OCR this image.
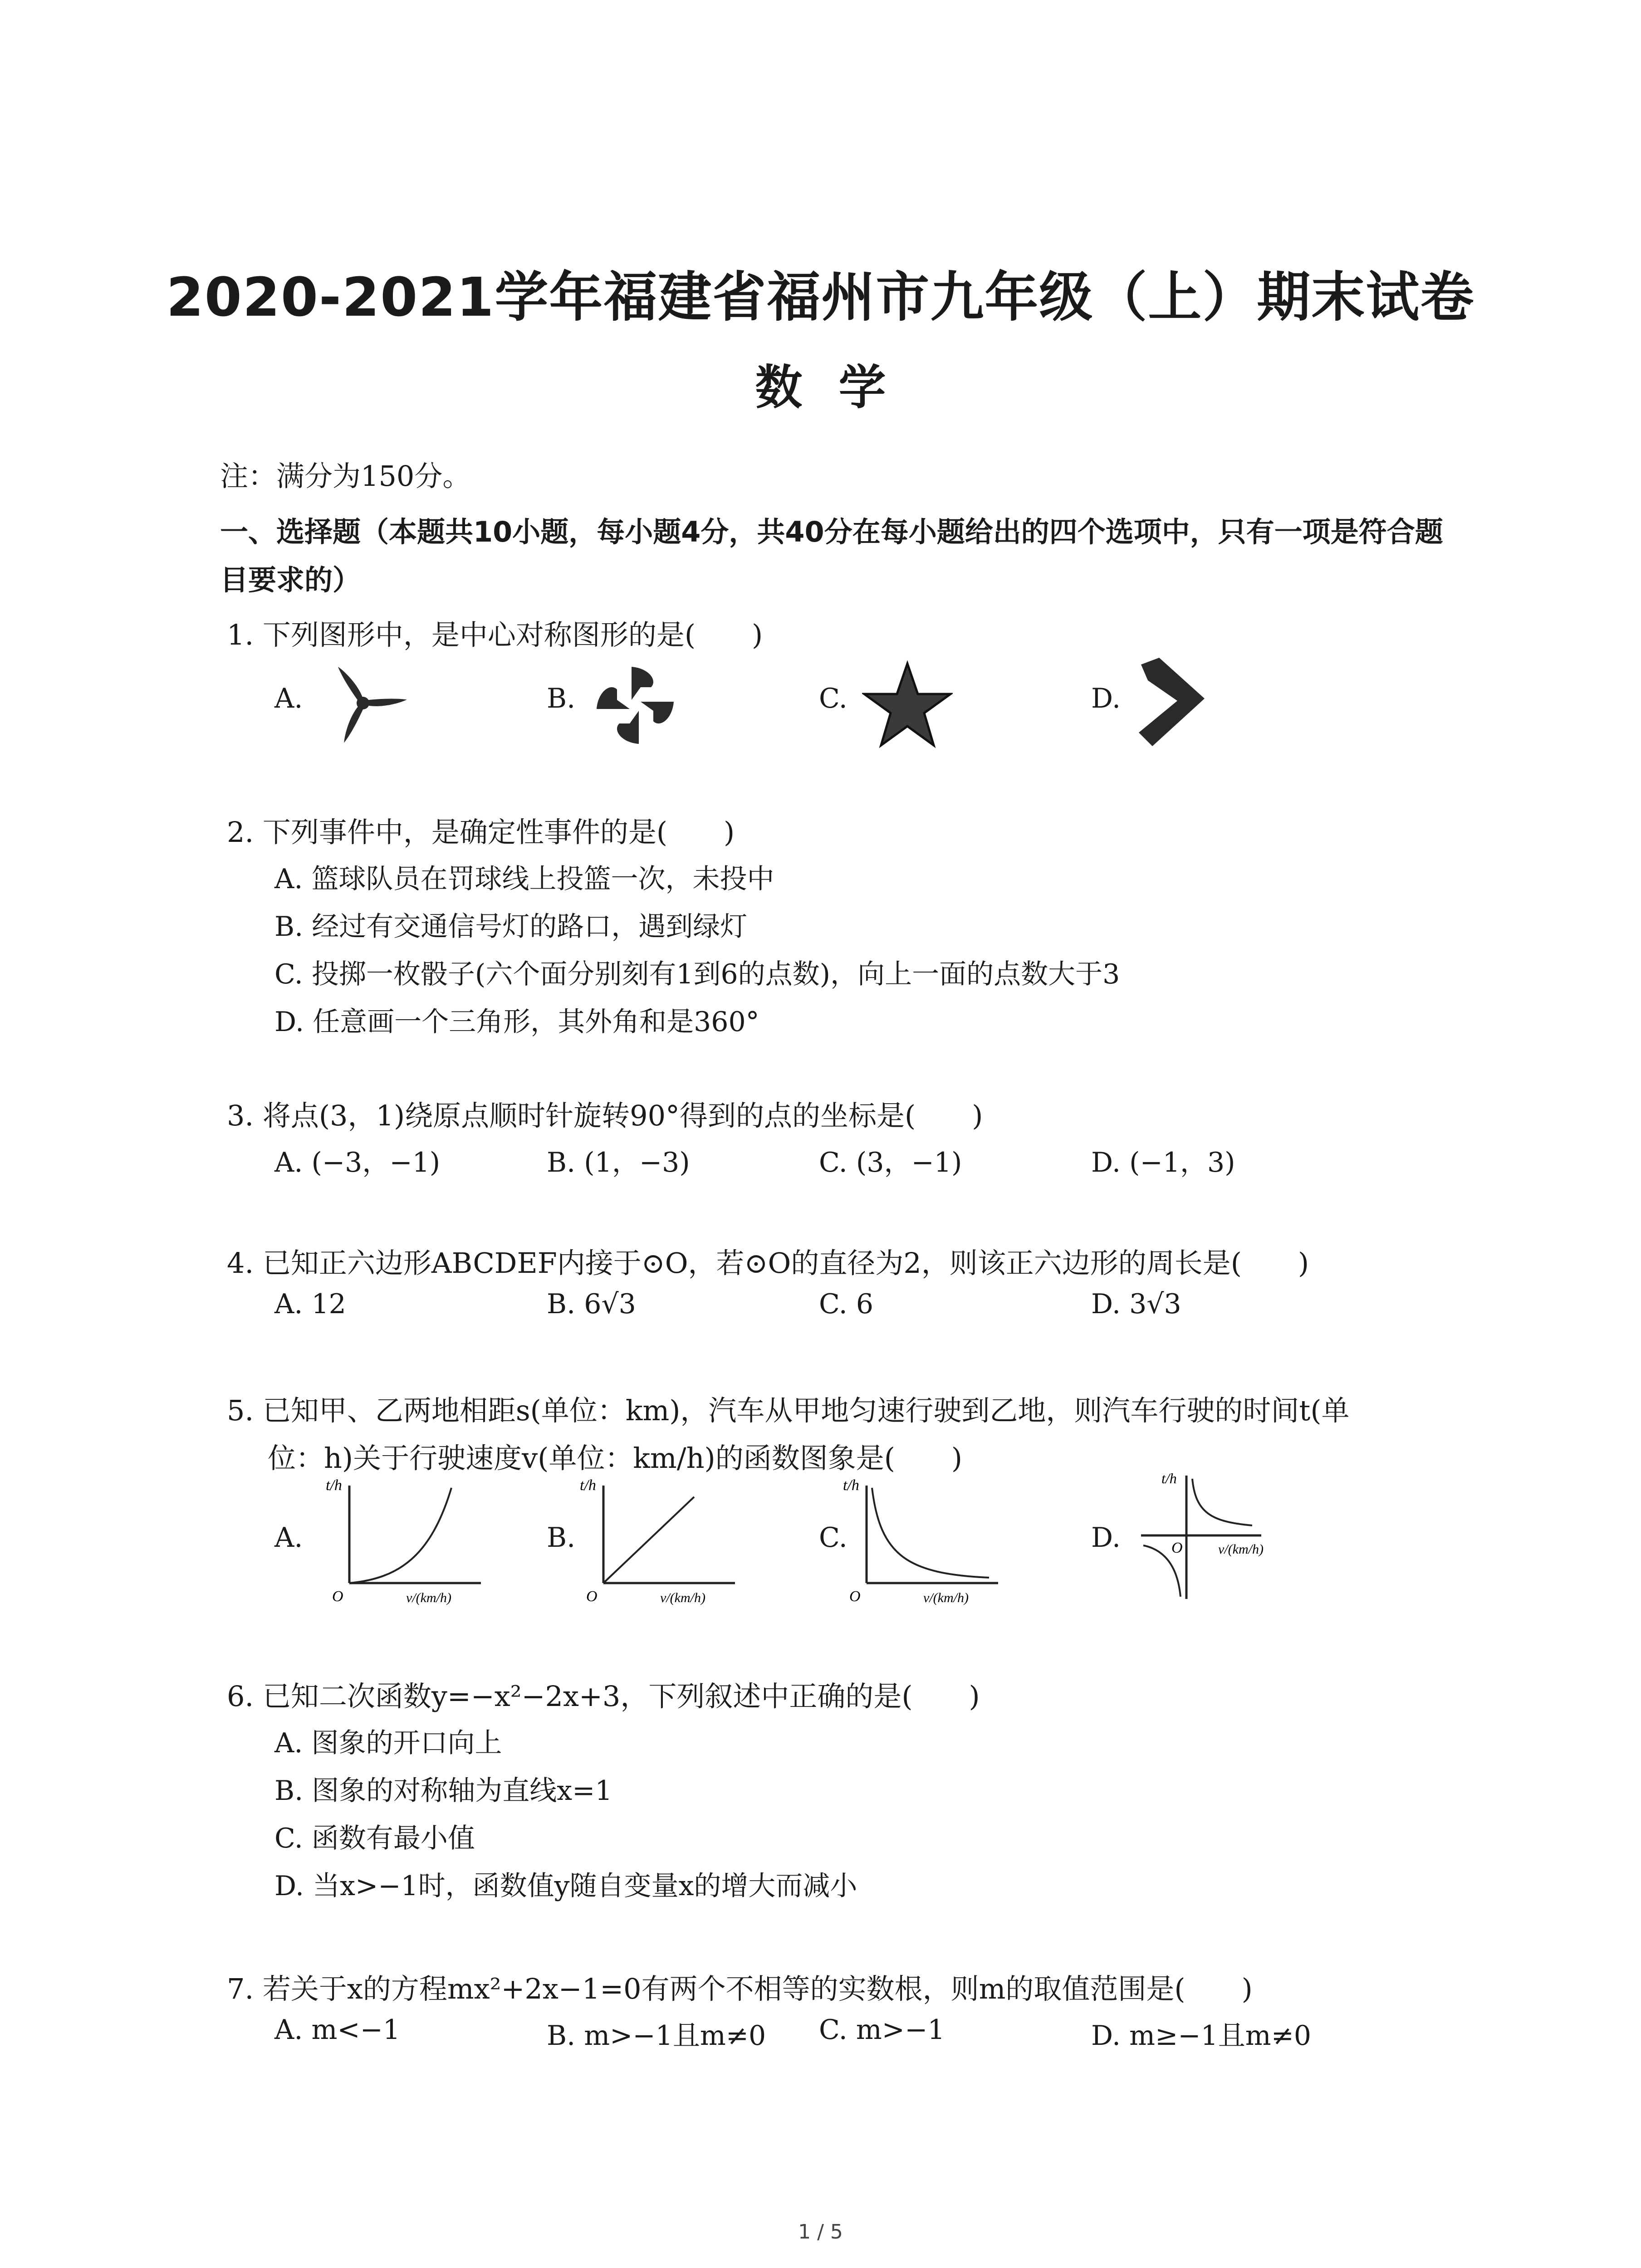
2020-2021学年福建省福州市九年级（上）期末试卷
数学
注：满分为150分。
一、选择题（本题共10小题，每小题4分，共40分在每小题给出的四个选项中，只有一项是符合题目要求的）
1. 下列图形中，是中心对称图形的是(　　)
A.	B.	C.	D.
2. 下列事件中，是确定性事件的是(　　)
A. 篮球队员在罚球线上投篮一次，未投中
B. 经过有交通信号灯的路口，遇到绿灯
C. 投掷一枚骰子(六个面分别刻有1到6的点数)，向上一面的点数大于3
D. 任意画一个三角形，其外角和是360°
3. 将点(3，1)绕原点顺时针旋转90°得到的点的坐标是(　　)
A. (−3，−1)	B. (1，−3)	C. (3，−1)	D. (−1，3)
4. 已知正六边形ABCDEF内接于⊙O，若⊙O的直径为2，则该正六边形的周长是(　　)
A. 12	B. 6√3	C. 6	D. 3√3
5. 已知甲、乙两地相距s(单位：km)，汽车从甲地匀速行驶到乙地，则汽车行驶的时间t(单
位：h)关于行驶速度v(单位：km/h)的函数图象是(　　)
A.	B.	C.	D.
t/h
O	v/(km/h)
t/h
O	v/(km/h)
t/h
O	v/(km/h)
t/h
O	v/(km/h)
6. 已知二次函数y=−x²−2x+3，下列叙述中正确的是(　　)
A. 图象的开口向上
B. 图象的对称轴为直线x=1
C. 函数有最小值
D. 当x>−1时，函数值y随自变量x的增大而减小
7. 若关于x的方程mx²+2x−1=0有两个不相等的实数根，则m的取值范围是(　　)
A. m<−1	B. m>−1且m≠0 C. m>−1	D. m≥−1且m≠0
1 / 5
